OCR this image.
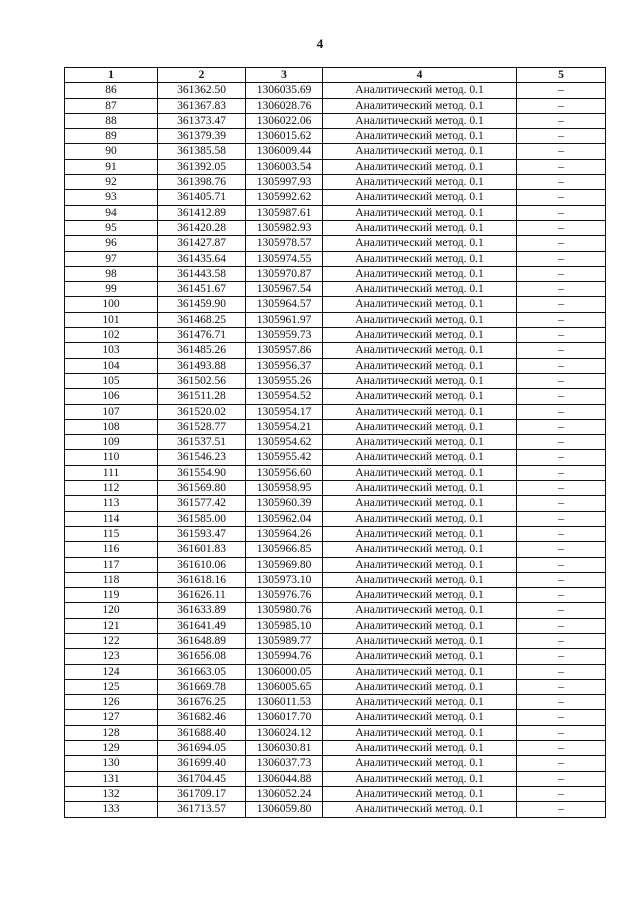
4
1	2	3	4	5
86	361362.50	1306035.69	Аналитический метод. 0.1	–
87	361367.83	1306028.76	Аналитический метод. 0.1	–
88	361373.47	1306022.06	Аналитический метод. 0.1	–
89	361379.39	1306015.62	Аналитический метод. 0.1	–
90	361385.58	1306009.44	Аналитический метод. 0.1	–
91	361392.05	1306003.54	Аналитический метод. 0.1	–
92	361398.76	1305997.93	Аналитический метод. 0.1	–
93	361405.71	1305992.62	Аналитический метод. 0.1	–
94	361412.89	1305987.61	Аналитический метод. 0.1	–
95	361420.28	1305982.93	Аналитический метод. 0.1	–
96	361427.87	1305978.57	Аналитический метод. 0.1	–
97	361435.64	1305974.55	Аналитический метод. 0.1	–
98	361443.58	1305970.87	Аналитический метод. 0.1	–
99	361451.67	1305967.54	Аналитический метод. 0.1	–
100	361459.90	1305964.57	Аналитический метод. 0.1	–
101	361468.25	1305961.97	Аналитический метод. 0.1	–
102	361476.71	1305959.73	Аналитический метод. 0.1	–
103	361485.26	1305957.86	Аналитический метод. 0.1	–
104	361493.88	1305956.37	Аналитический метод. 0.1	–
105	361502.56	1305955.26	Аналитический метод. 0.1	–
106	361511.28	1305954.52	Аналитический метод. 0.1	–
107	361520.02	1305954.17	Аналитический метод. 0.1	–
108	361528.77	1305954.21	Аналитический метод. 0.1	–
109	361537.51	1305954.62	Аналитический метод. 0.1	–
110	361546.23	1305955.42	Аналитический метод. 0.1	–
111	361554.90	1305956.60	Аналитический метод. 0.1	–
112	361569.80	1305958.95	Аналитический метод. 0.1	–
113	361577.42	1305960.39	Аналитический метод. 0.1	–
114	361585.00	1305962.04	Аналитический метод. 0.1	–
115	361593.47	1305964.26	Аналитический метод. 0.1	–
116	361601.83	1305966.85	Аналитический метод. 0.1	–
117	361610.06	1305969.80	Аналитический метод. 0.1	–
118	361618.16	1305973.10	Аналитический метод. 0.1	–
119	361626.11	1305976.76	Аналитический метод. 0.1	–
120	361633.89	1305980.76	Аналитический метод. 0.1	–
121	361641.49	1305985.10	Аналитический метод. 0.1	–
122	361648.89	1305989.77	Аналитический метод. 0.1	–
123	361656.08	1305994.76	Аналитический метод. 0.1	–
124	361663.05	1306000.05	Аналитический метод. 0.1	–
125	361669.78	1306005.65	Аналитический метод. 0.1	–
126	361676.25	1306011.53	Аналитический метод. 0.1	–
127	361682.46	1306017.70	Аналитический метод. 0.1	–
128	361688.40	1306024.12	Аналитический метод. 0.1	–
129	361694.05	1306030.81	Аналитический метод. 0.1	–
130	361699.40	1306037.73	Аналитический метод. 0.1	–
131	361704.45	1306044.88	Аналитический метод. 0.1	–
132	361709.17	1306052.24	Аналитический метод. 0.1	–
133	361713.57	1306059.80	Аналитический метод. 0.1	–
